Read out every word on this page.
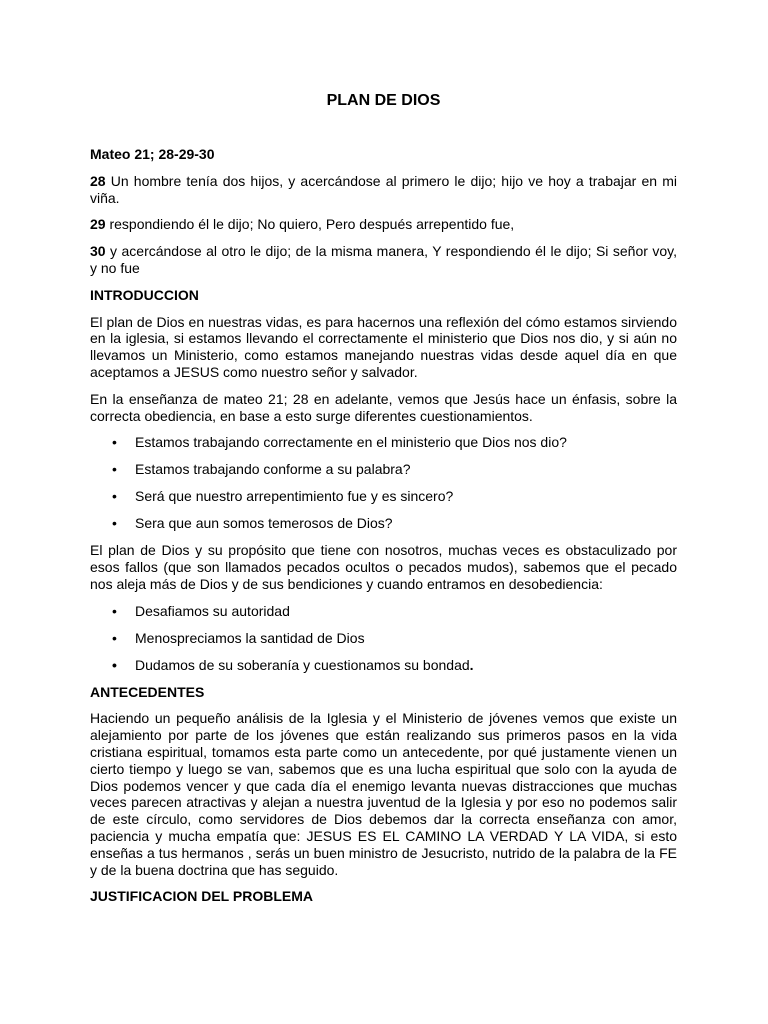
PLAN DE DIOS
Mateo 21; 28-29-30

28 Un hombre tenía dos hijos, y acercándose al primero le dijo; hijo ve hoy a trabajar en mi viña.

29 respondiendo él le dijo; No quiero, Pero después arrepentido fue,

30 y acercándose al otro le dijo; de la misma manera, Y respondiendo él le dijo; Si señor voy, y no fue

INTRODUCCION

El plan de Dios en nuestras vidas, es para hacernos una reflexión del cómo estamos sirviendo en la iglesia, si estamos llevando el correctamente el ministerio que Dios nos dio, y si aún no llevamos un Ministerio, como estamos manejando nuestras vidas desde aquel día en que aceptamos a JESUS como nuestro señor y salvador.

En la enseñanza de mateo 21; 28 en adelante, vemos que Jesús hace un énfasis, sobre la correcta obediencia, en base a esto surge diferentes cuestionamientos.

• Estamos trabajando correctamente en el ministerio que Dios nos dio?
• Estamos trabajando conforme a su palabra?
• Será que nuestro arrepentimiento fue y es sincero?
• Sera que aun somos temerosos de Dios?

El plan de Dios y su propósito que tiene con nosotros, muchas veces es obstaculizado por esos fallos (que son llamados pecados ocultos o pecados mudos), sabemos que el pecado nos aleja más de Dios y de sus bendiciones y cuando entramos en desobediencia:

• Desafiamos su autoridad
• Menospreciamos la santidad de Dios
• Dudamos de su soberanía y cuestionamos su bondad.
ANTECEDENTES

Haciendo un pequeño análisis de la Iglesia y el Ministerio de jóvenes vemos que existe un alejamiento por parte de los jóvenes que están realizando sus primeros pasos en la vida cristiana espiritual, tomamos esta parte como un antecedente, por qué justamente vienen un cierto tiempo y luego se van, sabemos que es una lucha espiritual que solo con la ayuda de Dios podemos vencer y que cada día el enemigo levanta nuevas distracciones que muchas veces parecen atractivas y alejan a nuestra juventud de la Iglesia y por eso no podemos salir de este círculo, como servidores de Dios debemos dar la correcta enseñanza con amor, paciencia y mucha empatía que: JESUS ES EL CAMINO LA VERDAD Y LA VIDA, si esto enseñas a tus hermanos , serás un buen ministro de Jesucristo, nutrido de la palabra de la FE y de la buena doctrina que has seguido.

JUSTIFICACION DEL PROBLEMA
